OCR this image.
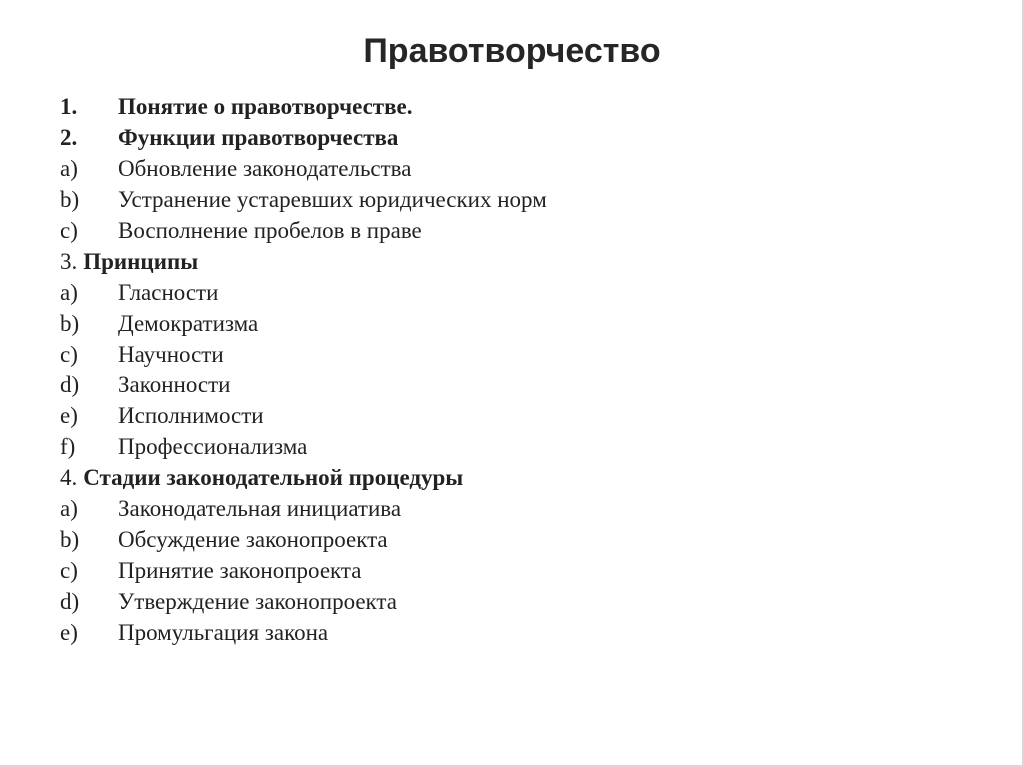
Правотворчество
1.	Понятие о правотворчестве.
2.	Функции правотворчества
a)	Обновление законодательства
b)	Устранение устаревших юридических норм
c)	Восполнение пробелов в праве
3. Принципы
a)	Гласности
b)	Демократизма
c)	Научности
d)	Законности
e)	Исполнимости
f)	Профессионализма
4. Стадии законодательной процедуры
a)	Законодательная инициатива
b)	Обсуждение законопроекта
c)	Принятие законопроекта
d)	Утверждение законопроекта
e)	Промульгация закона
